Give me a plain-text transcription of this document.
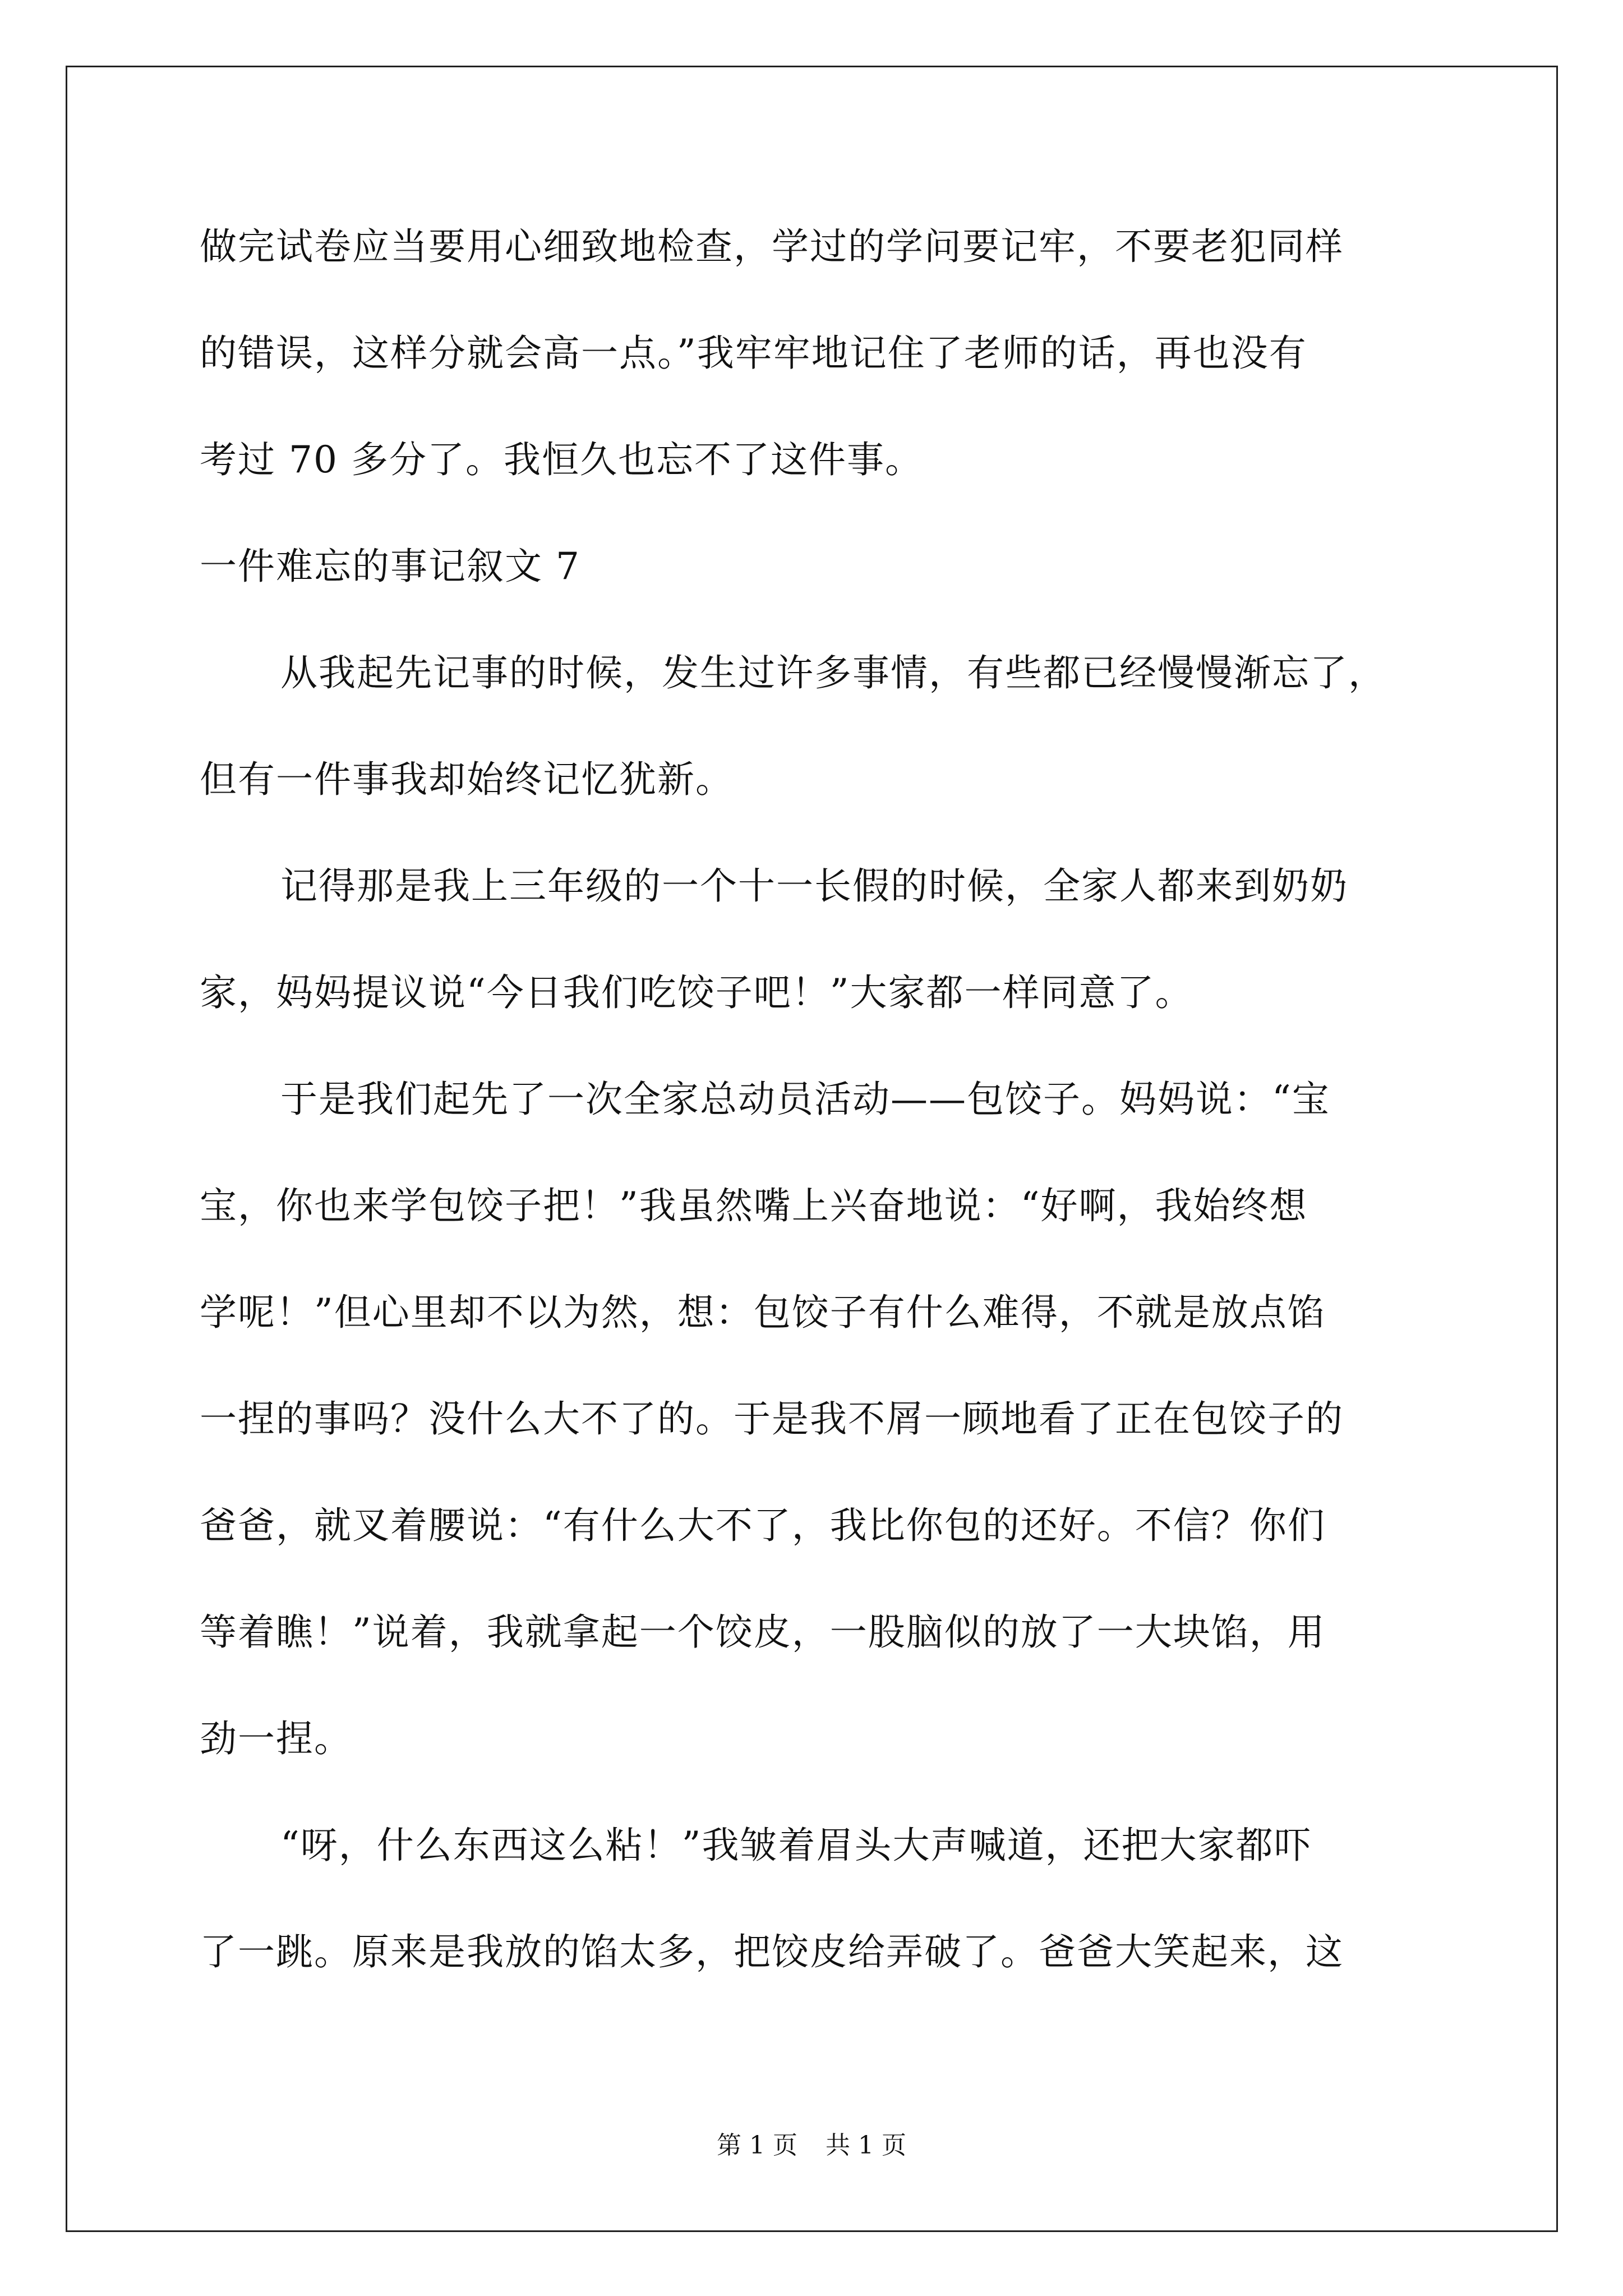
做完试卷应当要用心细致地检查，学过的学问要记牢，不要老犯同样
的错误，这样分就会高一点。”我牢牢地记住了老师的话，再也没有
考过 70 多分了。我恒久也忘不了这件事。
一件难忘的事记叙文 7
从我起先记事的时候，发生过许多事情，有些都已经慢慢渐忘了，
但有一件事我却始终记忆犹新。
记得那是我上三年级的一个十一长假的时候，全家人都来到奶奶
家，妈妈提议说“今日我们吃饺子吧！”大家都一样同意了。
于是我们起先了一次全家总动员活动——包饺子。妈妈说：“宝
宝，你也来学包饺子把！”我虽然嘴上兴奋地说：“好啊，我始终想
学呢！”但心里却不以为然，想：包饺子有什么难得，不就是放点馅
一捏的事吗？没什么大不了的。于是我不屑一顾地看了正在包饺子的
爸爸，就叉着腰说：“有什么大不了，我比你包的还好。不信？你们
等着瞧！”说着，我就拿起一个饺皮，一股脑似的放了一大块馅，用
劲一捏。
“呀，什么东西这么粘！”我皱着眉头大声喊道，还把大家都吓
了一跳。原来是我放的馅太多，把饺皮给弄破了。爸爸大笑起来，这
第 1 页 共 1 页
